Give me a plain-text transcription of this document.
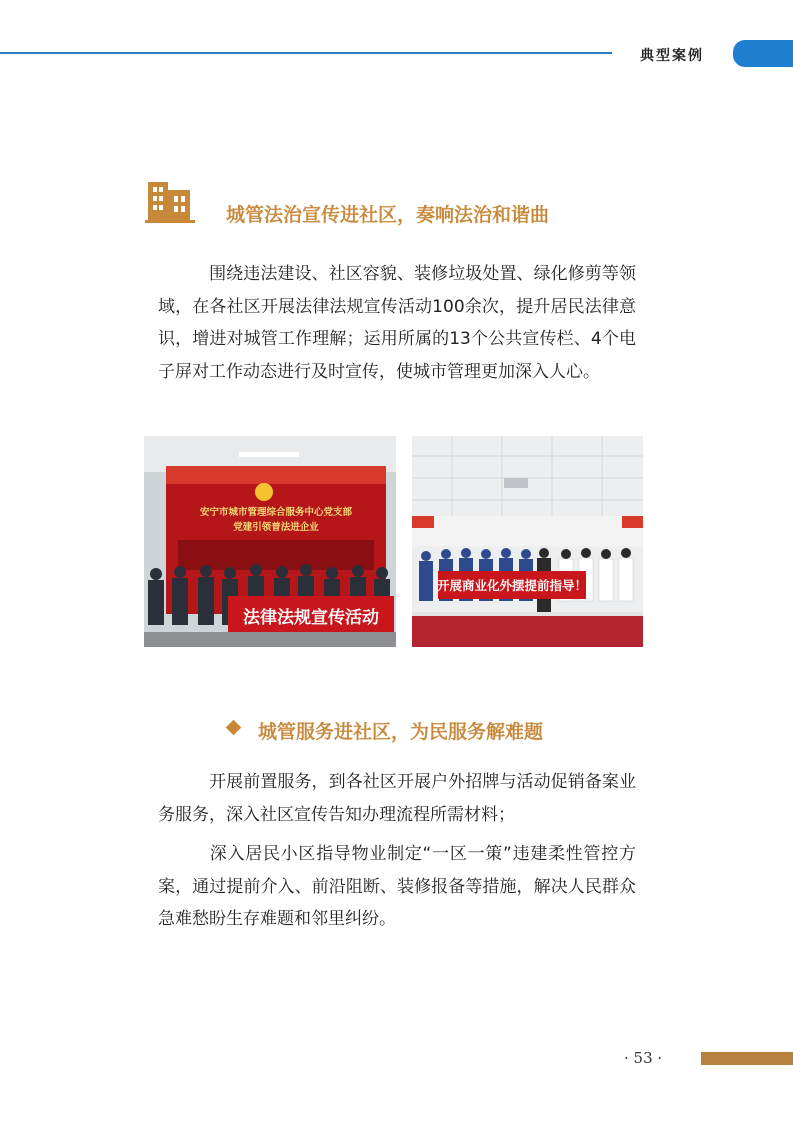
典型案例
城管法治宣传进社区，奏响法治和谐曲
围绕违法建设、社区容貌、装修垃圾处置、绿化修剪等领域，在各社区开展法律法规宣传活动100余次，提升居民法律意识，增进对城管工作理解；运用所属的13个公共宣传栏、4个电子屏对工作动态进行及时宣传，使城市管理更加深入人心。
安宁市城市管理综合服务中心党支部
党建引领普法进企业
法律法规宣传活动
开展商业化外摆提前指导！
城管服务进社区，为民服务解难题
开展前置服务，到各社区开展户外招牌与活动促销备案业务服务，深入社区宣传告知办理流程所需材料；
深入居民小区指导物业制定“一区一策”违建柔性管控方案，通过提前介入、前沿阻断、装修报备等措施，解决人民群众急难愁盼生存难题和邻里纠纷。
· 53 ·
